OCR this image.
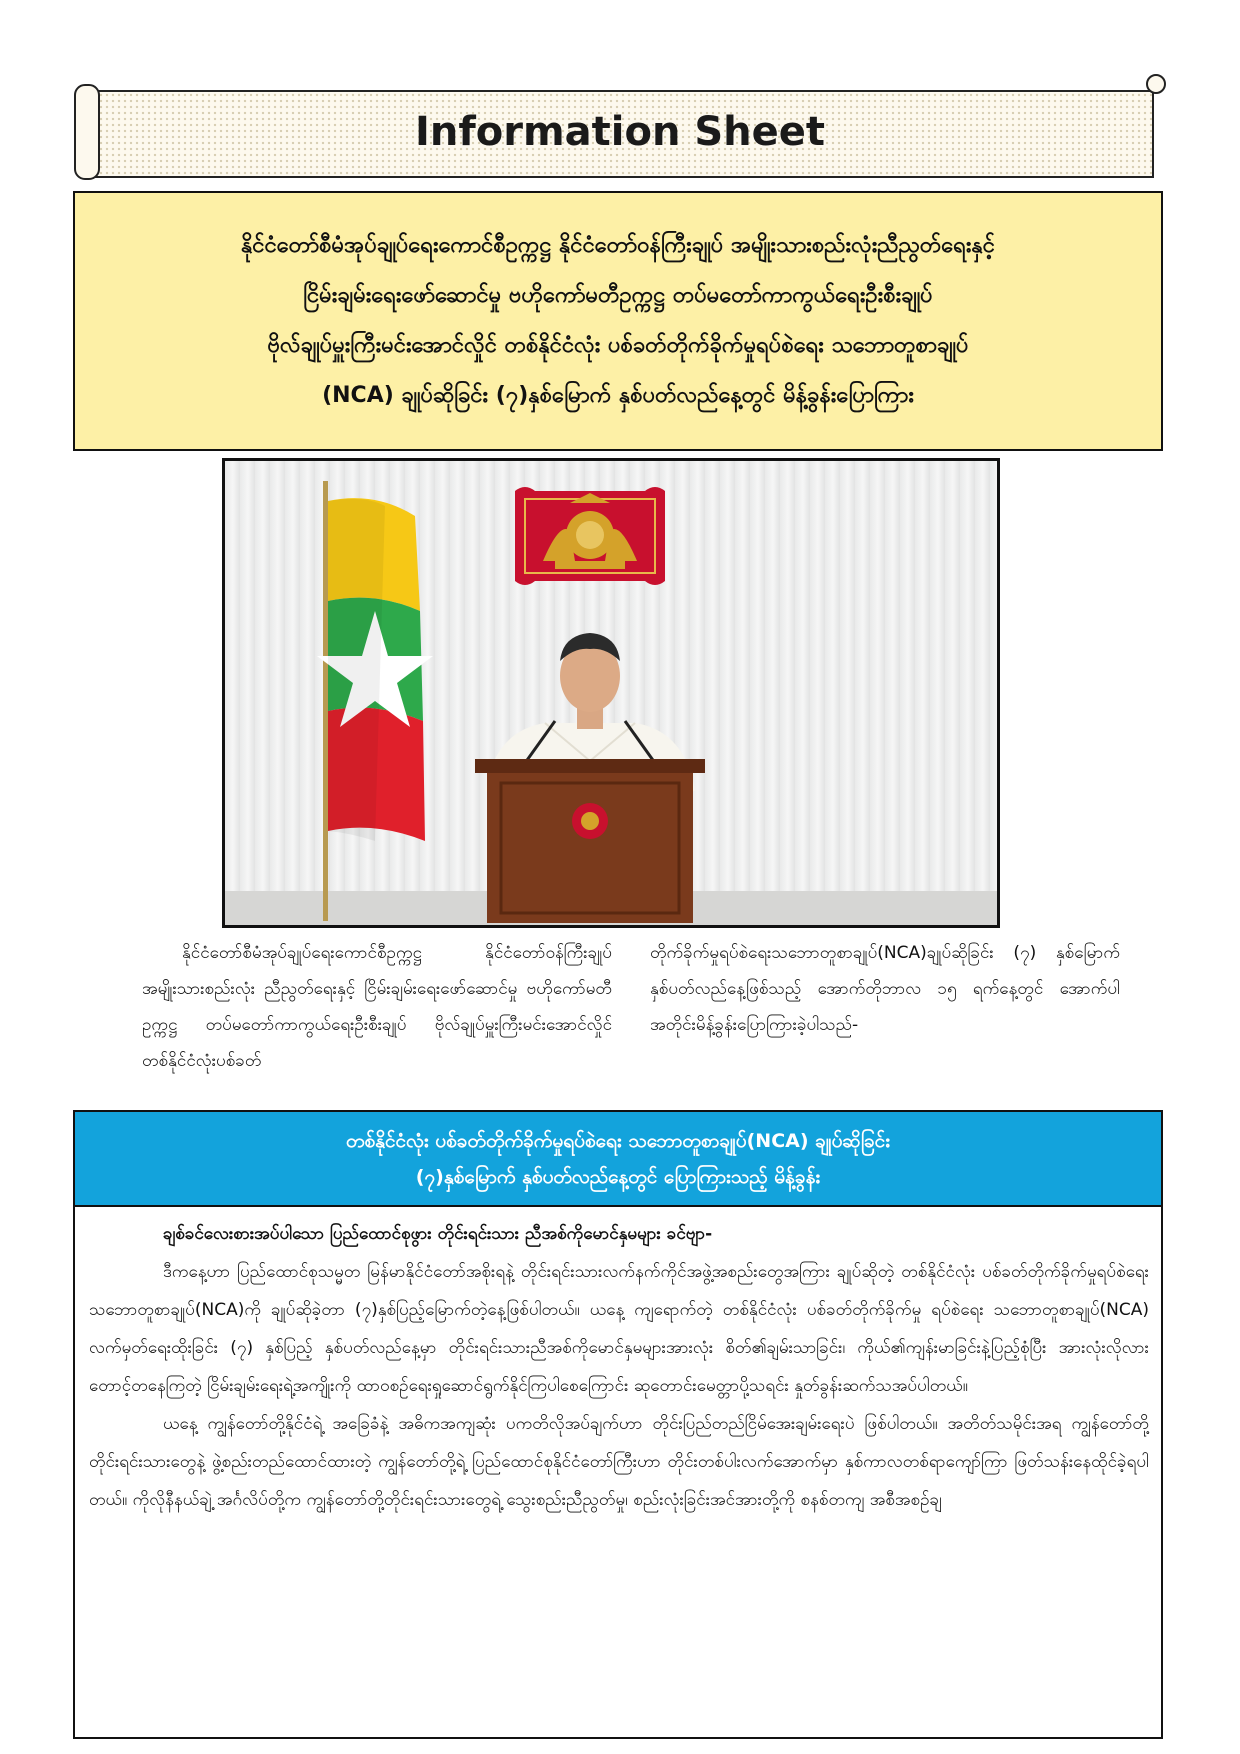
Information Sheet
နိုင်ငံတော်စီမံအုပ်ချုပ်ရေးကောင်စီဥက္ကဋ္ဌ နိုင်ငံတော်ဝန်ကြီးချုပ် အမျိုးသားစည်းလုံးညီညွတ်ရေးနှင့်
ငြိမ်းချမ်းရေးဖော်ဆောင်မှု ဗဟိုကော်မတီဥက္ကဋ္ဌ တပ်မတော်ကာကွယ်ရေးဦးစီးချုပ်
ဗိုလ်ချုပ်မှူးကြီးမင်းအောင်လှိုင် တစ်နိုင်ငံလုံး ပစ်ခတ်တိုက်ခိုက်မှုရပ်စဲရေး သဘောတူစာချုပ်
(NCA) ချုပ်ဆိုခြင်း (၇)နှစ်မြောက် နှစ်ပတ်လည်နေ့တွင် မိန့်ခွန်းပြောကြား
နိုင်ငံတော်စီမံအုပ်ချုပ်ရေးကောင်စီဥက္ကဋ္ဌ နိုင်ငံတော်ဝန်ကြီးချုပ် အမျိုးသားစည်းလုံး ညီညွတ်ရေးနှင့် ငြိမ်းချမ်းရေးဖော်ဆောင်မှု ဗဟိုကော်မတီဥက္ကဋ္ဌ တပ်မတော်ကာကွယ်ရေးဦးစီးချုပ် ဗိုလ်ချုပ်မှူးကြီးမင်းအောင်လှိုင် တစ်နိုင်ငံလုံးပစ်ခတ်
တိုက်ခိုက်မှုရပ်စဲရေးသဘောတူစာချုပ်(NCA)ချုပ်ဆိုခြင်း (၇) နှစ်မြောက် နှစ်ပတ်လည်နေ့ဖြစ်သည့် အောက်တိုဘာလ ၁၅ ရက်နေ့တွင် အောက်ပါအတိုင်းမိန့်ခွန်းပြောကြားခဲ့ပါသည်-
တစ်နိုင်ငံလုံး ပစ်ခတ်တိုက်ခိုက်မှုရပ်စဲရေး သဘောတူစာချုပ်(NCA) ချုပ်ဆိုခြင်း
(၇)နှစ်မြောက် နှစ်ပတ်လည်နေ့တွင် ပြောကြားသည့် မိန့်ခွန်း
ချစ်ခင်လေးစားအပ်ပါသော ပြည်ထောင်စုဖွား တိုင်းရင်းသား ညီအစ်ကိုမောင်နှမများ ခင်ဗျာ-

ဒီကနေ့ဟာ ပြည်ထောင်စုသမ္မတ မြန်မာနိုင်ငံတော်အစိုးရနဲ့ တိုင်းရင်းသားလက်နက်ကိုင်အဖွဲ့အစည်းတွေအကြား ချုပ်ဆိုတဲ့ တစ်နိုင်ငံလုံး ပစ်ခတ်တိုက်ခိုက်မှုရပ်စဲရေးသဘောတူစာချုပ်(NCA)ကို ချုပ်ဆိုခဲ့တာ (၇)နှစ်ပြည့်မြောက်တဲ့နေ့ဖြစ်ပါတယ်။ ယနေ့ ကျရောက်တဲ့ တစ်နိုင်ငံလုံး ပစ်ခတ်တိုက်ခိုက်မှု ရပ်စဲရေး သဘောတူစာချုပ်(NCA) လက်မှတ်ရေးထိုးခြင်း (၇) နှစ်ပြည့် နှစ်ပတ်လည်နေ့မှာ တိုင်းရင်းသားညီအစ်ကိုမောင်နှမများအားလုံး စိတ်၏ချမ်းသာခြင်း၊ ကိုယ်၏ကျန်းမာခြင်းနဲ့ပြည့်စုံပြီး အားလုံးလိုလားတောင့်တနေကြတဲ့ ငြိမ်းချမ်းရေးရဲ့အကျိုးကို ထာဝစဉ်ရေးရှုဆောင်ရွက်နိုင်ကြပါစေကြောင်း ဆုတောင်းမေတ္တာပို့သရင်း နှုတ်ခွန်းဆက်သအပ်ပါတယ်။

ယနေ့ ကျွန်တော်တို့နိုင်ငံရဲ့ အခြေခံနဲ့ အဓိကအကျဆုံး ပကတိလိုအပ်ချက်ဟာ တိုင်းပြည်တည်ငြိမ်အေးချမ်းရေးပဲ ဖြစ်ပါတယ်။ အတိတ်သမိုင်းအရ ကျွန်တော်တို့ တိုင်းရင်းသားတွေနဲ့ ဖွဲ့စည်းတည်ထောင်ထားတဲ့ ကျွန်တော်တို့ရဲ့ ပြည်ထောင်စုနိုင်ငံတော်ကြီးဟာ တိုင်းတစ်ပါးလက်အောက်မှာ နှစ်ကာလတစ်ရာကျော်ကြာ ဖြတ်သန်းနေထိုင်ခဲ့ရပါတယ်။ ကိုလိုနီနယ်ချဲ့ အင်္ဂလိပ်တို့က ကျွန်တော်တို့တိုင်းရင်းသားတွေရဲ့ သွေးစည်းညီညွတ်မှု၊ စည်းလုံးခြင်းအင်အားတို့ကို စနစ်တကျ အစီအစဉ်ချ
